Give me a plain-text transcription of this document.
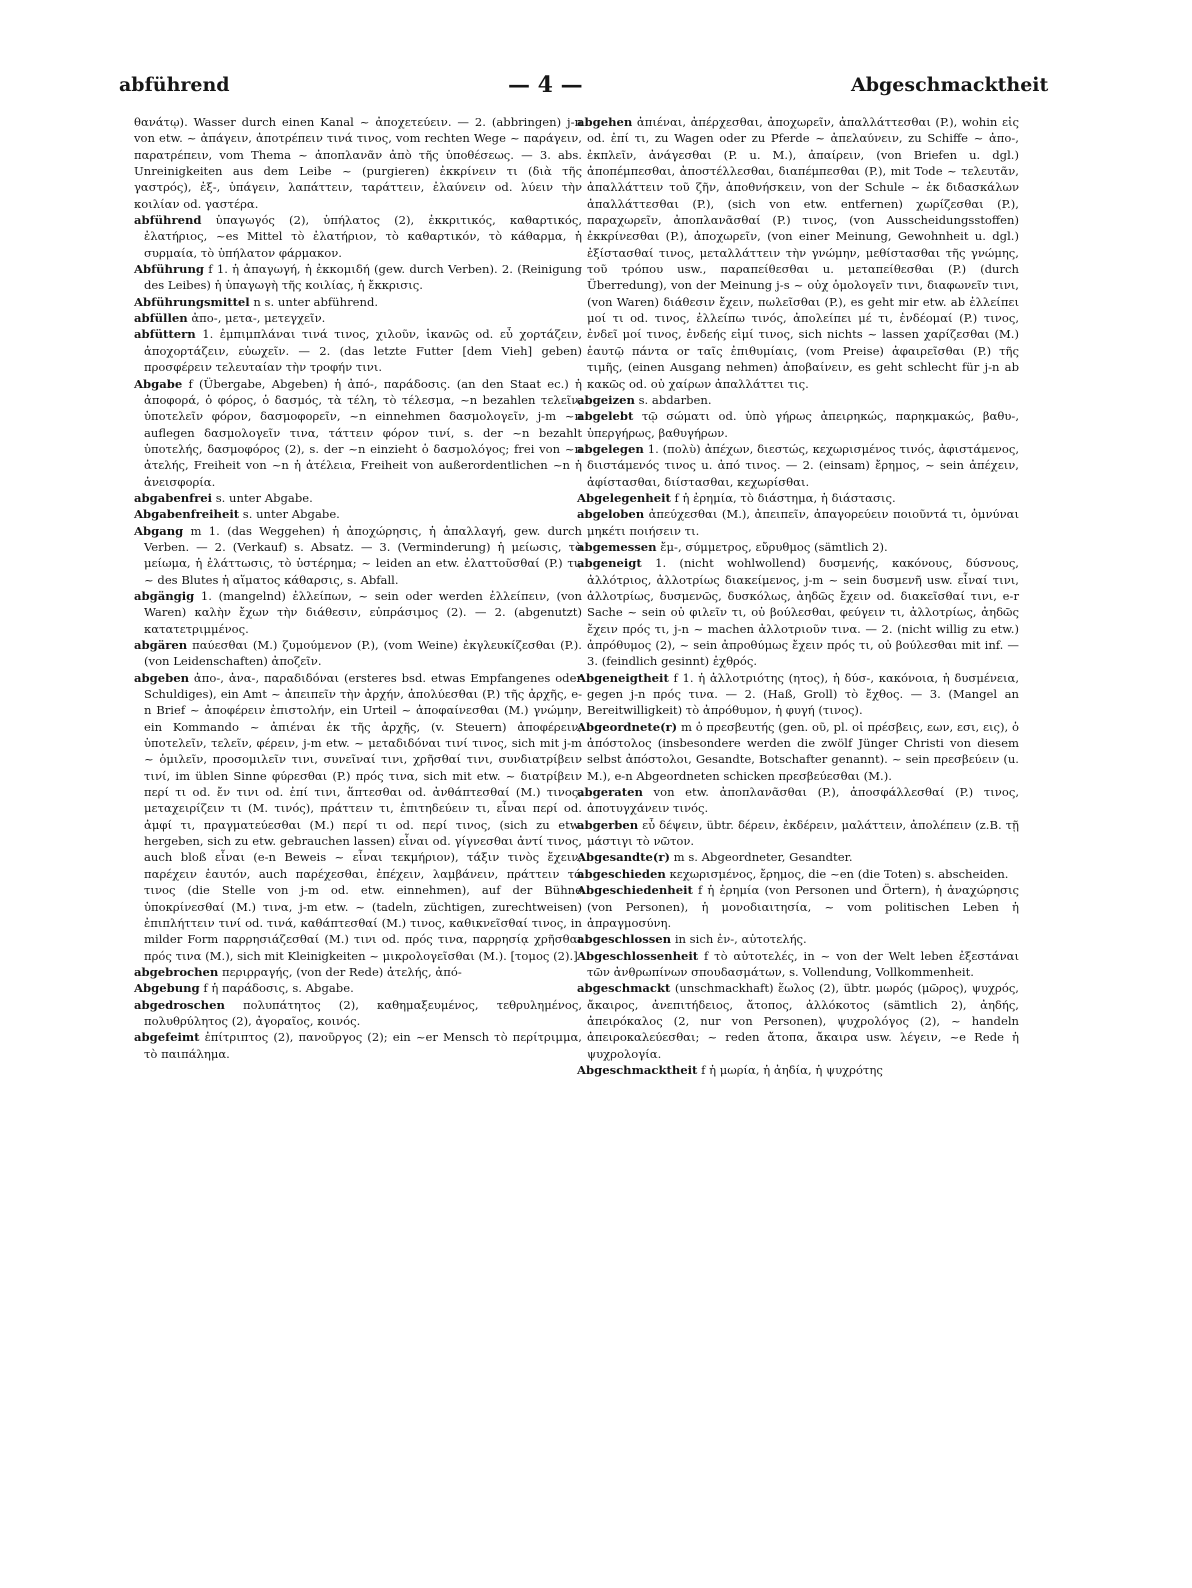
abführend	— 4 —	Abgeschmacktheit

θανάτῳ). Wasser durch einen Kanal ~ ἀποχετεύειν. — 2. (abbringen) j-n von etw. ~ ἀπάγειν, ἀποτρέπειν τινά τινος, vom rechten Wege ~ παράγειν, παρατρέπειν, vom Thema ~ ἀποπλανᾶν ἀπὸ τῆς ὑποθέσεως. — 3. abs. Unreinigkeiten aus dem Leibe ~ (purgieren) ἐκκρίνειν τι (διὰ τῆς γαστρός), ἐξ-, ὑπάγειν, λαπάττειν, ταράττειν, ἐλαύνειν od. λύειν τὴν κοιλίαν od. γαστέρα.

abführend ὑπαγωγός (2), ὑπήλατος (2), ἐκκριτικός, καθαρτικός, ἐλατήριος, ~es Mittel τὸ ἐλατήριον, τὸ καθαρτικόν, τὸ κάθαρμα, ἡ συρμαία, τὸ ὑπήλατον φάρμακον.

Abführung f 1. ἡ ἀπαγωγή, ἡ ἐκκομιδή (gew. durch Verben). 2. (Reinigung des Leibes) ἡ ὑπαγωγὴ τῆς κοιλίας, ἡ ἔκκρισις.

Abführungsmittel n s. unter abführend.

abfüllen ἀπο-, μετα-, μετεγχεῖν.

abfüttern 1. ἐμπιμπλάναι τινά τινος, χιλοῦν, ἱκανῶς od. εὖ χορτάζειν, ἀποχορτάζειν, εὐωχεῖν. — 2. (das letzte Futter [dem Vieh] geben) προσφέρειν τελευταίαν τὴν τροφήν τινι.

Abgabe f (Übergabe, Abgeben) ἡ ἀπό-, παράδοσις. (an den Staat ec.) ἡ ἀποφορά, ὁ φόρος, ὁ δασμός, τὰ τέλη, τὸ τέλεσμα, ~n bezahlen τελεῖν, ὑποτελεῖν φόρον, δασμοφορεῖν, ~n einnehmen δασμολογεῖν, j-m ~n auflegen δασμολογεῖν τινα, τάττειν φόρον τινί, s. der ~n bezahlt ὑποτελής, δασμοφόρος (2), s. der ~n einzieht ὁ δασμολόγος; frei von ~n ἀτελής, Freiheit von ~n ἡ ἀτέλεια, Freiheit von außerordentlichen ~n ἡ ἀνεισφορία.

abgabenfrei s. unter Abgabe.

Abgabenfreiheit s. unter Abgabe.

Abgang m 1. (das Weggehen) ἡ ἀποχώρησις, ἡ ἀπαλλαγή, gew. durch Verben. — 2. (Verkauf) s. Absatz. — 3. (Verminderung) ἡ μείωσις, τὸ μείωμα, ἡ ἐλάττωσις, τὸ ὑστέρημα; ~ leiden an etw. ἐλαττοῦσθαί (P.) τι, ~ des Blutes ἡ αἵματος κάθαρσις, s. Abfall.

abgängig 1. (mangelnd) ἐλλείπων, ~ sein oder werden ἐλλείπειν, (von Waren) καλὴν ἔχων τὴν διάθεσιν, εὐπράσιμος (2). — 2. (abgenutzt) κατατετριμμένος.

abgären παύεσθαι (M.) ζυμούμενον (P.), (vom Weine) ἐκγλευκίζεσθαι (P.). (von Leidenschaften) ἀποζεῖν.

abgeben ἀπο-, ἀνα-, παραδιδόναι (ersteres bsd. etwas Empfangenes oder Schuldiges), ein Amt ~ ἀπειπεῖν τὴν ἀρχήν, ἀπολύεσθαι (P.) τῆς ἀρχῆς, e-n Brief ~ ἀποφέρειν ἐπιστολήν, ein Urteil ~ ἀποφαίνεσθαι (M.) γνώμην, ein Kommando ~ ἀπιέναι ἐκ τῆς ἀρχῆς, (v. Steuern) ἀποφέρειν, ὑποτελεῖν, τελεῖν, φέρειν, j-m etw. ~ μεταδιδόναι τινί τινος, sich mit j-m ~ ὁμιλεῖν, προσομιλεῖν τινι, συνεῖναί τινι, χρῆσθαί τινι, συνδιατρίβειν τινί, im üblen Sinne φύρεσθαι (P.) πρός τινα, sich mit etw. ~ διατρίβειν περί τι od. ἔν τινι od. ἐπί τινι, ἅπτεσθαι od. ἀνθάπτεσθαί (M.) τινος, μεταχειρίζειν τι (M. τινός), πράττειν τι, ἐπιτηδεύειν τι, εἶναι περί od. ἀμφί τι, πραγματεύεσθαι (M.) περί τι od. περί τινος, (sich zu etw. hergeben, sich zu etw. gebrauchen lassen) εἶναι od. γίγνεσθαι ἀντί τινος, auch bloß εἶναι (e-n Beweis ~ εἶναι τεκμήριον), τάξιν τινὸς ἔχειν, παρέχειν ἑαυτόν, auch παρέχεσθαι, ἐπέχειν, λαμβάνειν, πράττειν τά τινος (die Stelle von j-m od. etw. einnehmen), auf der Bühne ὑποκρίνεσθαί (M.) τινα, j-m etw. ~ (tadeln, züchtigen, zurechtweisen) ἐπιπλήττειν τινί od. τινά, καθάπτεσθαί (M.) τινος, καθικνεῖσθαί τινος, in milder Form παρρησιάζεσθαί (M.) τινι od. πρός τινα, παρρησίᾳ χρῆσθαι πρός τινα (M.), sich mit Kleinigkeiten ~ μικρολογεῖσθαι (M.). [τομος (2).]

abgebrochen περιρραγής, (von der Rede) ἀτελής, ἀπό-

Abgebung f ἡ παράδοσις, s. Abgabe.

abgedroschen πολυπάτητος (2), καθημαξευμένος, τεθρυλημένος, πολυθρύλητος (2), ἀγοραῖος, κοινός.

abgefeimt ἐπίτριπτος (2), πανοῦργος (2); ein ~er Mensch τὸ περίτριμμα, τὸ παιπάλημα.

abgehen ἀπιέναι, ἀπέρχεσθαι, ἀποχωρεῖν, ἀπαλλάττεσθαι (P.), wohin εἰς od. ἐπί τι, zu Wagen oder zu Pferde ~ ἀπελαύνειν, zu Schiffe ~ ἀπο-, ἐκπλεῖν, ἀνάγεσθαι (P. u. M.), ἀπαίρειν, (von Briefen u. dgl.) ἀποπέμπεσθαι, ἀποστέλλεσθαι, διαπέμπεσθαι (P.), mit Tode ~ τελευτᾶν, ἀπαλλάττειν τοῦ ζῆν, ἀποθνήσκειν, von der Schule ~ ἐκ διδασκάλων ἀπαλλάττεσθαι (P.), (sich von etw. entfernen) χωρίζεσθαι (P.), παραχωρεῖν, ἀποπλανᾶσθαί (P.) τινος, (von Ausscheidungsstoffen) ἐκκρίνεσθαι (P.), ἀποχωρεῖν, (von einer Meinung, Gewohnheit u. dgl.) ἐξίστασθαί τινος, μεταλλάττειν τὴν γνώμην, μεθίστασθαι τῆς γνώμης, τοῦ τρόπου usw., παραπείθεσθαι u. μεταπείθεσθαι (P.) (durch Überredung), von der Meinung j-s ~ οὐχ ὁμολογεῖν τινι, διαφωνεῖν τινι, (von Waren) διάθεσιν ἔχειν, πωλεῖσθαι (P.), es geht mir etw. ab ἐλλείπει μοί τι od. τινος, ἐλλείπω τινός, ἀπολείπει μέ τι, ἐνδέομαί (P.) τινος, ἐνδεῖ μοί τινος, ἐνδεής εἰμί τινος, sich nichts ~ lassen χαρίζεσθαι (M.) ἑαυτῷ πάντα or ταῖς ἐπιθυμίαις, (vom Preise) ἀφαιρεῖσθαι (P.) τῆς τιμῆς, (einen Ausgang nehmen) ἀποβαίνειν, es geht schlecht für j-n ab κακῶς od. οὐ χαίρων ἀπαλλάττει τις.

abgeizen s. abdarben.

abgelebt τῷ σώματι od. ὑπὸ γήρως ἀπειρηκώς, παρηκμακώς, βαθυ-, ὑπεργήρως, βαθυγήρων.

abgelegen 1. (πολὺ) ἀπέχων, διεστώς, κεχωρισμένος τινός, ἀφιστάμενος, διιστάμενός τινος u. ἀπό τινος. — 2. (einsam) ἔρημος, ~ sein ἀπέχειν, ἀφίστασθαι, διίστασθαι, κεχωρίσθαι.

Abgelegenheit f ἡ ἐρημία, τὸ διάστημα, ἡ διάστασις.

abgeloben ἀπεύχεσθαι (M.), ἀπειπεῖν, ἀπαγορεύειν ποιοῦντά τι, ὀμνύναι μηκέτι ποιήσειν τι.

abgemessen ἔμ-, σύμμετρος, εὔρυθμος (sämtlich 2).

abgeneigt 1. (nicht wohlwollend) δυσμενής, κακόνους, δύσνους, ἀλλότριος, ἀλλοτρίως διακείμενος, j-m ~ sein δυσμενῆ usw. εἶναί τινι, ἀλλοτρίως, δυσμενῶς, δυσκόλως, ἀηδῶς ἔχειν od. διακεῖσθαί τινι, e-r Sache ~ sein οὐ φιλεῖν τι, οὐ βούλεσθαι, φεύγειν τι, ἀλλοτρίως, ἀηδῶς ἔχειν πρός τι, j-n ~ machen ἀλλοτριοῦν τινα. — 2. (nicht willig zu etw.) ἀπρόθυμος (2), ~ sein ἀπροθύμως ἔχειν πρός τι, οὐ βούλεσθαι mit inf. — 3. (feindlich gesinnt) ἐχθρός.

Abgeneigtheit f 1. ἡ ἀλλοτριότης (ητος), ἡ δύσ-, κακόνοια, ἡ δυσμένεια, gegen j-n πρός τινα. — 2. (Haß, Groll) τὸ ἔχθος. — 3. (Mangel an Bereitwilligkeit) τὸ ἀπρόθυμον, ἡ φυγή (τινος).

Abgeordnete(r) m ὁ πρεσβευτής (gen. οῦ, pl. οἱ πρέσβεις, εων, εσι, εις), ὁ ἀπόστολος (insbesondere werden die zwölf Jünger Christi von diesem selbst ἀπόστολοι, Gesandte, Botschafter genannt). ~ sein πρεσβεύειν (u. M.), e-n Abgeordneten schicken πρεσβεύεσθαι (M.).

abgeraten von etw. ἀποπλανᾶσθαι (P.), ἀποσφάλλεσθαί (P.) τινος, ἀποτυγχάνειν τινός.

abgerben εὖ δέψειν, übtr. δέρειν, ἐκδέρειν, μαλάττειν, ἀπολέπειν (z.B. τῇ μάστιγι τὸ νῶτον.

Abgesandte(r) m s. Abgeordneter, Gesandter.

abgeschieden κεχωρισμένος, ἔρημος, die ~en (die Toten) s. abscheiden.

Abgeschiedenheit f ἡ ἐρημία (von Personen und Örtern), ἡ ἀναχώρησις (von Personen), ἡ μονοδιαιτησία, ~ vom politischen Leben ἡ ἀπραγμοσύνη.

abgeschlossen in sich ἐν-, αὐτοτελής.

Abgeschlossenheit f τὸ αὐτοτελές, in ~ von der Welt leben ἐξεστάναι τῶν ἀνθρωπίνων σπουδασμάτων, s. Vollendung, Vollkommenheit.

abgeschmackt (unschmackhaft) ἕωλος (2), übtr. μωρός (μῶρος), ψυχρός, ἄκαιρος, ἀνεπιτήδειος, ἄτοπος, ἀλλόκοτος (sämtlich 2), ἀηδής, ἀπειρόκαλος (2, nur von Personen), ψυχρολόγος (2), ~ handeln ἀπειροκαλεύεσθαι; ~ reden ἄτοπα, ἄκαιρα usw. λέγειν, ~e Rede ἡ ψυχρολογία.

Abgeschmacktheit f ἡ μωρία, ἡ ἀηδία, ἡ ψυχρότης
